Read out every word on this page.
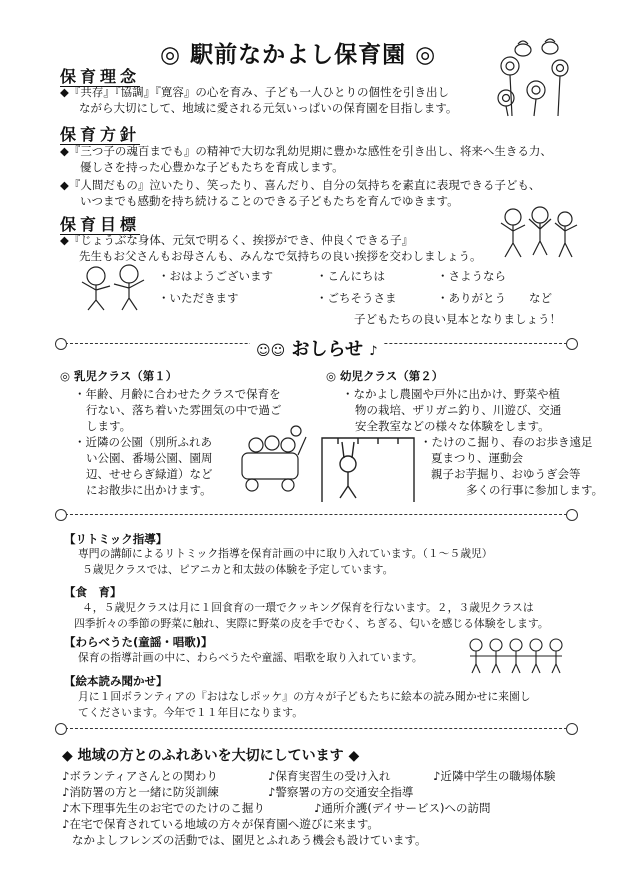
◎ 駅前なかよし保育園 ◎
保育理念
◆『共存』『協調』『寛容』の心を育み、子ども一人ひとりの個性を引き出し
ながら大切にして、地域に愛される元気いっぱいの保育園を目指します。
保育方針
◆『三つ子の魂百までも』の精神で大切な乳幼児期に豊かな感性を引き出し、将来へ生きる力、
優しさを持った心豊かな子どもたちを育成します。
◆『人間だもの』泣いたり、笑ったり、喜んだり、自分の気持ちを素直に表現できる子ども、
いつまでも感動を持ち続けることのできる子どもたちを育んでゆきます。
保育目標
◆『じょうぶな身体、元気で明るく、挨拶ができ、仲良くできる子』
先生もお父さんもお母さんも、みんなで気持ちの良い挨拶を交わしましょう。
・おはようございます	・こんにちは	・さようなら
・いただきます	・ごちそうさま	・ありがとう　　など
子どもたちの良い見本となりましょう！
☺☺ おしらせ ♪
◎ 乳児クラス（第１）
・年齢、月齢に合わせたクラスで保育を
行ない、落ち着いた雰囲気の中で過ご
します。
・近隣の公園（別所ふれあ
い公園、番場公園、園周
辺、せせらぎ緑道）など
にお散歩に出かけます。
◎ 幼児クラス（第２）
・なかよし農園や戸外に出かけ、野菜や植
物の栽培、ザリガニ釣り、川遊び、交通
安全教室などの様々な体験をします。
・たけのこ掘り、春のお歩き遠足
夏まつり、運動会
親子お芋掘り、おゆうぎ会等
多くの行事に参加します。
【リトミック指導】
専門の講師によるリトミック指導を保育計画の中に取り入れています。（１～５歳児）
５歳児クラスでは、ピアニカと和太鼓の体験を予定しています。
【食　育】
４，５歳児クラスは月に１回食育の一環でクッキング保育を行ないます。２，３歳児クラスは
四季折々の季節の野菜に触れ、実際に野菜の皮を手でむく、ちぎる、匂いを感じる体験をします。
【わらべうた(童謡・唱歌)】
保育の指導計画の中に、わらべうたや童謡、唱歌を取り入れています。
【絵本読み聞かせ】
月に１回ボランティアの『おはなしポッケ』の方々が子どもたちに絵本の読み聞かせに来園し
てくださいます。今年で１１年目になります。
◆ 地域の方とのふれあいを大切にしています ◆
♪ボランティアさんとの関わり	♪保育実習生の受け入れ	♪近隣中学生の職場体験
♪消防署の方と一緒に防災訓練	♪警察署の方の交通安全指導
♪木下理事先生のお宅でのたけのこ掘り	♪通所介護(デイサービス)への訪問
♪在宅で保育されている地域の方々が保育園へ遊びに来ます。
なかよしフレンズの活動では、園児とふれあう機会も設けています。
